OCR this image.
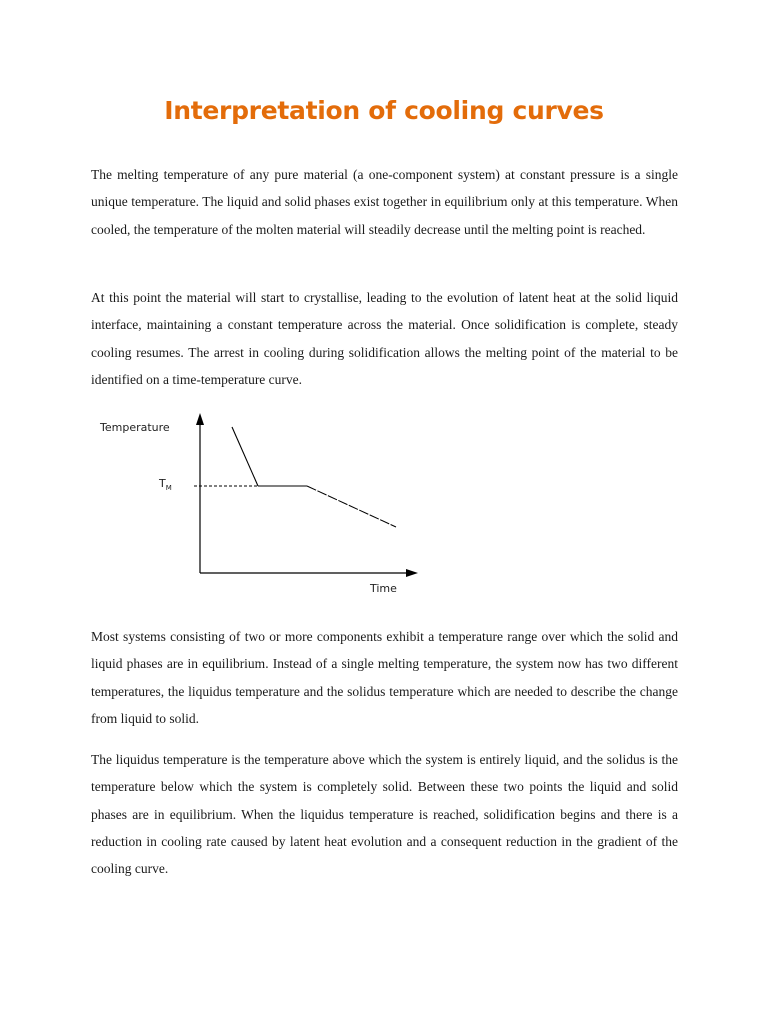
Interpretation of cooling curves

The melting temperature of any pure material (a one-component system) at constant pressure is a single unique temperature. The liquid and solid phases exist together in equilibrium only at this temperature. When cooled, the temperature of the molten material will steadily decrease until the melting point is reached.

At this point the material will start to crystallise, leading to the evolution of latent heat at the solid liquid interface, maintaining a constant temperature across the material. Once solidification is complete, steady cooling resumes. The arrest in cooling during solidification allows the melting point of the material to be identified on a time-temperature curve.

Temperature

Time

$T_M$

Most systems consisting of two or more components exhibit a temperature range over which the solid and liquid phases are in equilibrium. Instead of a single melting temperature, the system now has two different temperatures, the liquidus temperature and the solidus temperature which are needed to describe the change from liquid to solid.

The liquidus temperature is the temperature above which the system is entirely liquid, and the solidus is the temperature below which the system is completely solid. Between these two points the liquid and solid phases are in equilibrium. When the liquidus temperature is reached, solidification begins and there is a reduction in cooling rate caused by latent heat evolution and a consequent reduction in the gradient of the cooling curve.
